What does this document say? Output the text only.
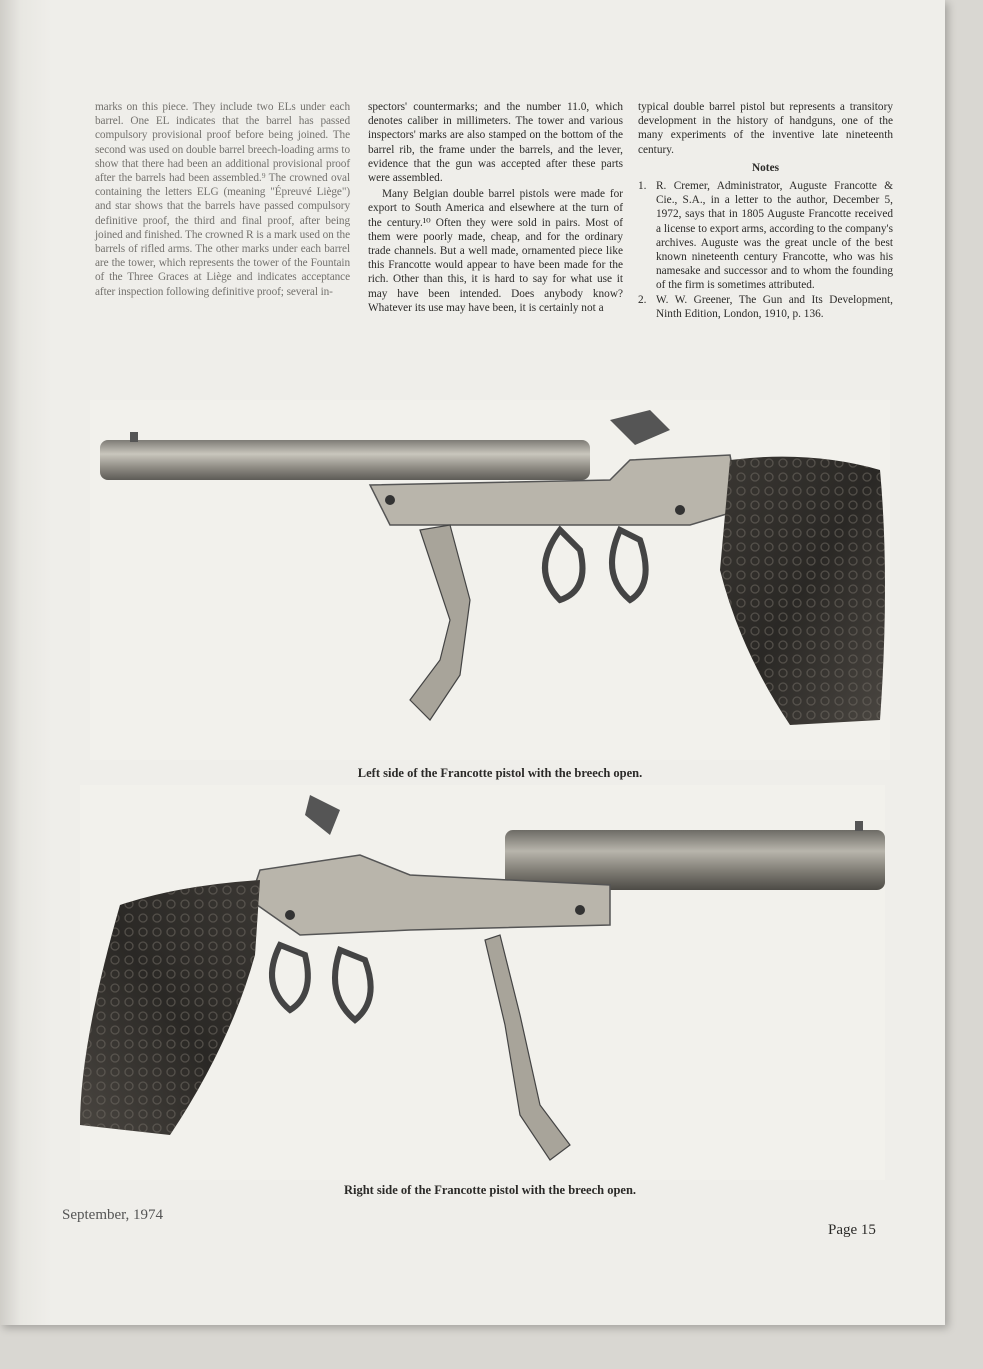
marks on this piece. They include two ELs under each barrel. One EL indicates that the barrel has passed compulsory provisional proof before being joined. The second was used on double barrel breech-loading arms to show that there had been an additional provisional proof after the barrels had been assembled.⁹ The crowned oval containing the letters ELG (meaning "Épreuvé Liège") and star shows that the barrels have passed compulsory definitive proof, the third and final proof, after being joined and finished. The crowned R is a mark used on the barrels of rifled arms. The other marks under each barrel are the tower, which represents the tower of the Fountain of the Three Graces at Liège and indicates acceptance after inspection following definitive proof; several in-

spectors' countermarks; and the number 11.0, which denotes caliber in millimeters. The tower and various inspectors' marks are also stamped on the bottom of the barrel rib, the frame under the barrels, and the lever, evidence that the gun was accepted after these parts were assembled.

Many Belgian double barrel pistols were made for export to South America and elsewhere at the turn of the century.¹⁰ Often they were sold in pairs. Most of them were poorly made, cheap, and for the ordinary trade channels. But a well made, ornamented piece like this Francotte would appear to have been made for the rich. Other than this, it is hard to say for what use it may have been intended. Does anybody know? Whatever its use may have been, it is certainly not a

typical double barrel pistol but represents a transitory development in the history of handguns, one of the many experiments of the inventive late nineteenth century.

Notes
1. R. Cremer, Administrator, Auguste Francotte & Cie., S.A., in a letter to the author, December 5, 1972, says that in 1805 Auguste Francotte received a license to export arms, according to the company's archives. Auguste was the great uncle of the best known nineteenth century Francotte, who was his namesake and successor and to whom the founding of the firm is sometimes attributed.
2. W. W. Greener, The Gun and Its Development, Ninth Edition, London, 1910, p. 136.
Left side of the Francotte pistol with the breech open.
Right side of the Francotte pistol with the breech open.
September, 1974
Page 15
